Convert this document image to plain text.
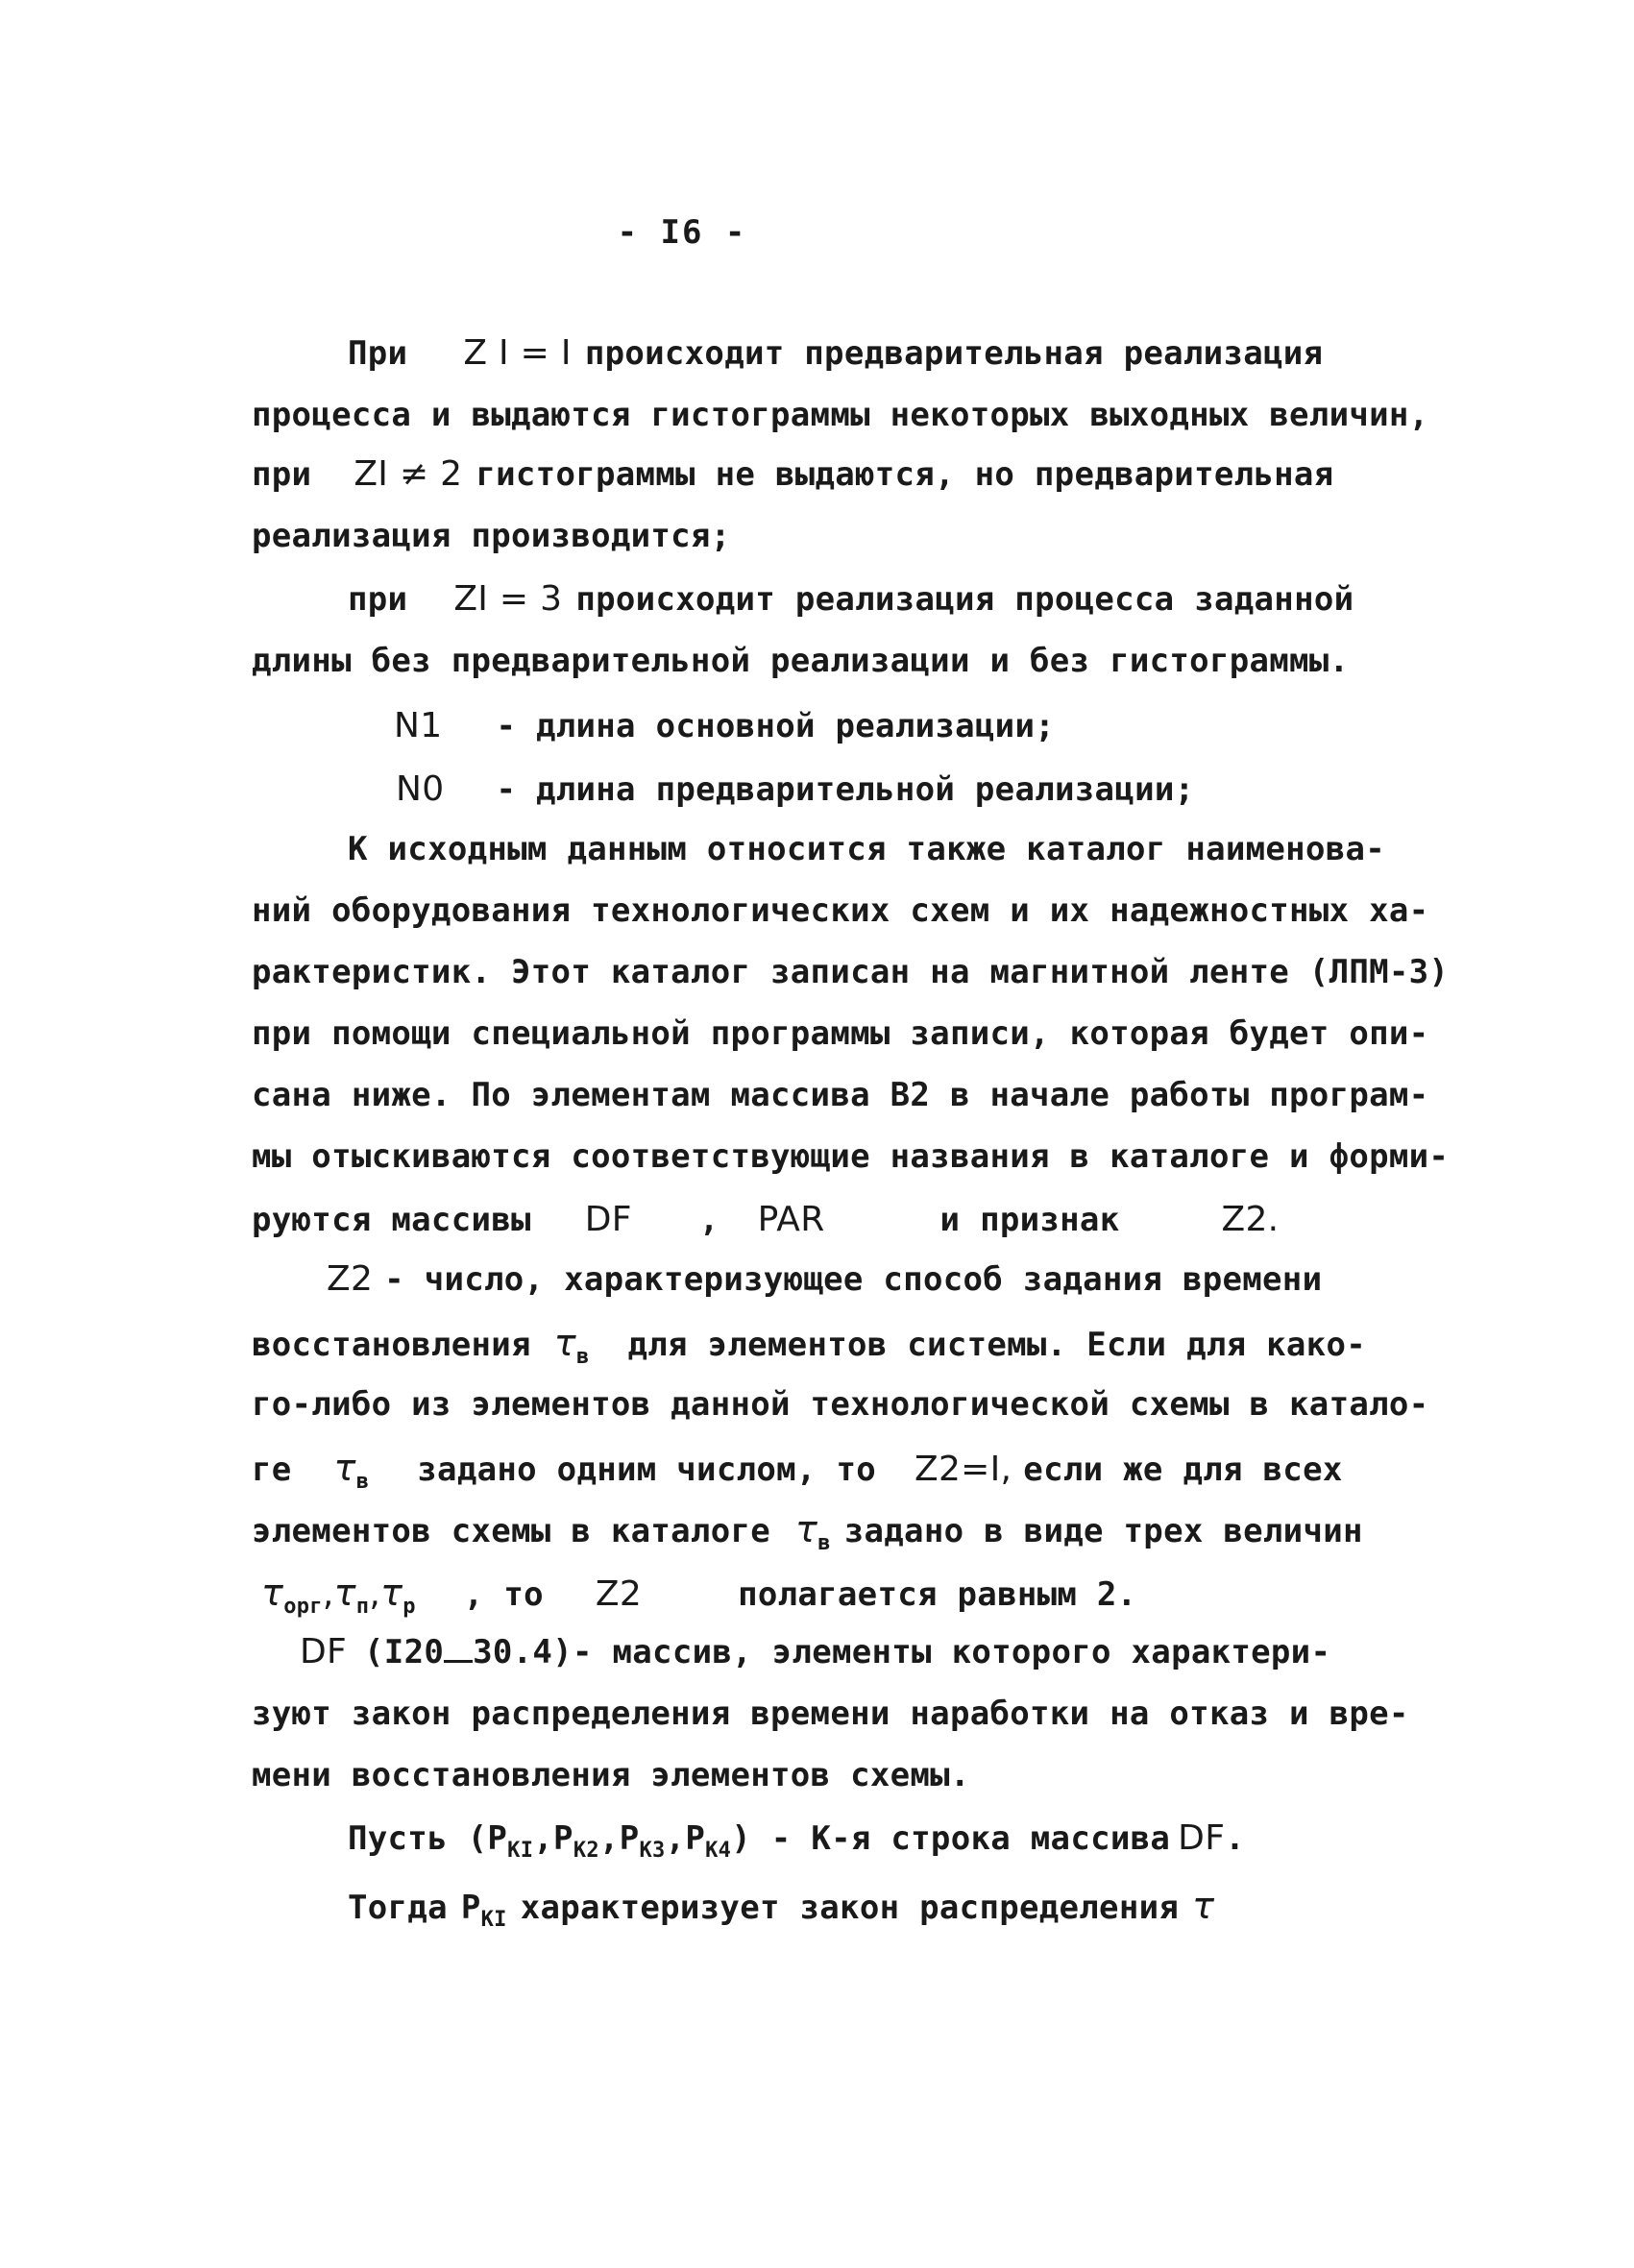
- I6 -
При Z I = I происходит предварительная реализация
процесса и выдаются гистограммы некоторых выходных величин,
при ZI ≠ 2 гистограммы не выдаются, но предварительная
реализация производится;
при ZI = 3 происходит реализация процесса заданной
длины без предварительной реализации и без гистограммы.
N1 - длина основной реализации;
N0 - длина предварительной реализации;
К исходным данным относится также каталог наименова-
ний оборудования технологических схем и их надежностных ха-
рактеристик. Этот каталог записан на магнитной ленте (ЛПМ-3)
при помощи специальной программы записи, которая будет опи-
сана ниже. По элементам массива В2 в начале работы програм-
мы отыскиваются соответствующие названия в каталоге и форми-
руются массивы DF , PAR	и признак	Z2.
Z2 - число, характеризующее способ задания времени
восстановления $\tau_в$ для элементов системы. Если для како-
го-либо из элементов данной технологической схемы в катало-
ге $\tau_в$ задано одним числом, то Z2=I, если же для всех
элементов схемы в каталоге $\tau_в$ задано в виде трех величин
$\tau_{орг},\tau_п,\tau_р$ , то Z2	полагается равным 2.
DF (I20 30.4)- массив, элементы которого характери-
зуют закон распределения времени наработки на отказ и вре-
мени восстановления элементов схемы.
Пусть $(P_{KI},P_{K2},P_{K3},P_{K4}) - К-я$ строка массива DF.
Тогда $P_{KI}$ характеризует закон распределения τ
